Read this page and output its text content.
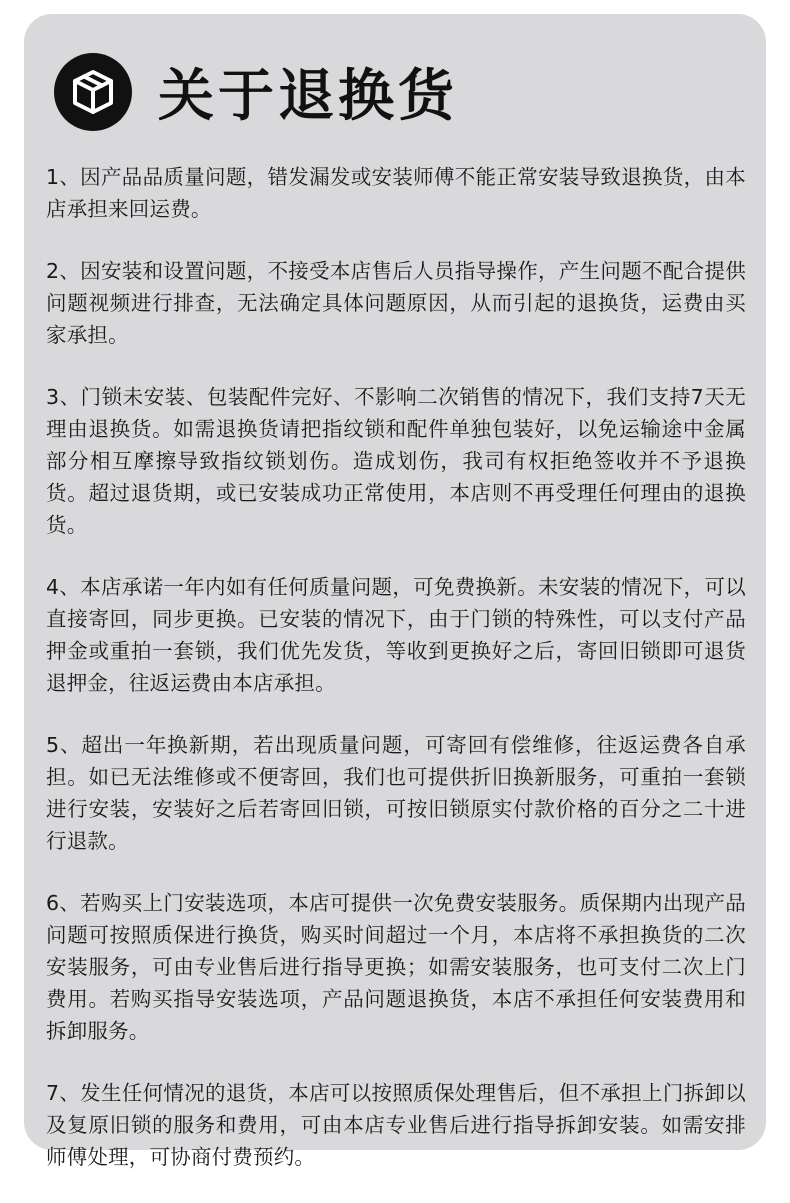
关于退换货

1、因产品品质量问题，错发漏发或安装师傅不能正常安装导致退换货，由本店承担来回运费。

2、因安装和设置问题，不接受本店售后人员指导操作，产生问题不配合提供问题视频进行排查，无法确定具体问题原因，从而引起的退换货，运费由买家承担。

3、门锁未安装、包装配件完好、不影响二次销售的情况下，我们支持7天无理由退换货。如需退换货请把指纹锁和配件单独包装好，以免运输途中金属部分相互摩擦导致指纹锁划伤。造成划伤，我司有权拒绝签收并不予退换货。超过退货期，或已安装成功正常使用，本店则不再受理任何理由的退换货。

4、本店承诺一年内如有任何质量问题，可免费换新。未安装的情况下，可以直接寄回，同步更换。已安装的情况下，由于门锁的特殊性，可以支付产品押金或重拍一套锁，我们优先发货，等收到更换好之后，寄回旧锁即可退货退押金，往返运费由本店承担。

5、超出一年换新期，若出现质量问题，可寄回有偿维修，往返运费各自承担。如已无法维修或不便寄回，我们也可提供折旧换新服务，可重拍一套锁进行安装，安装好之后若寄回旧锁，可按旧锁原实付款价格的百分之二十进行退款。

6、若购买上门安装选项，本店可提供一次免费安装服务。质保期内出现产品问题可按照质保进行换货，购买时间超过一个月，本店将不承担换货的二次安装服务，可由专业售后进行指导更换；如需安装服务，也可支付二次上门费用。若购买指导安装选项，产品问题退换货，本店不承担任何安装费用和拆卸服务。

7、发生任何情况的退货，本店可以按照质保处理售后，但不承担上门拆卸以及复原旧锁的服务和费用，可由本店专业售后进行指导拆卸安装。如需安排师傅处理，可协商付费预约。
